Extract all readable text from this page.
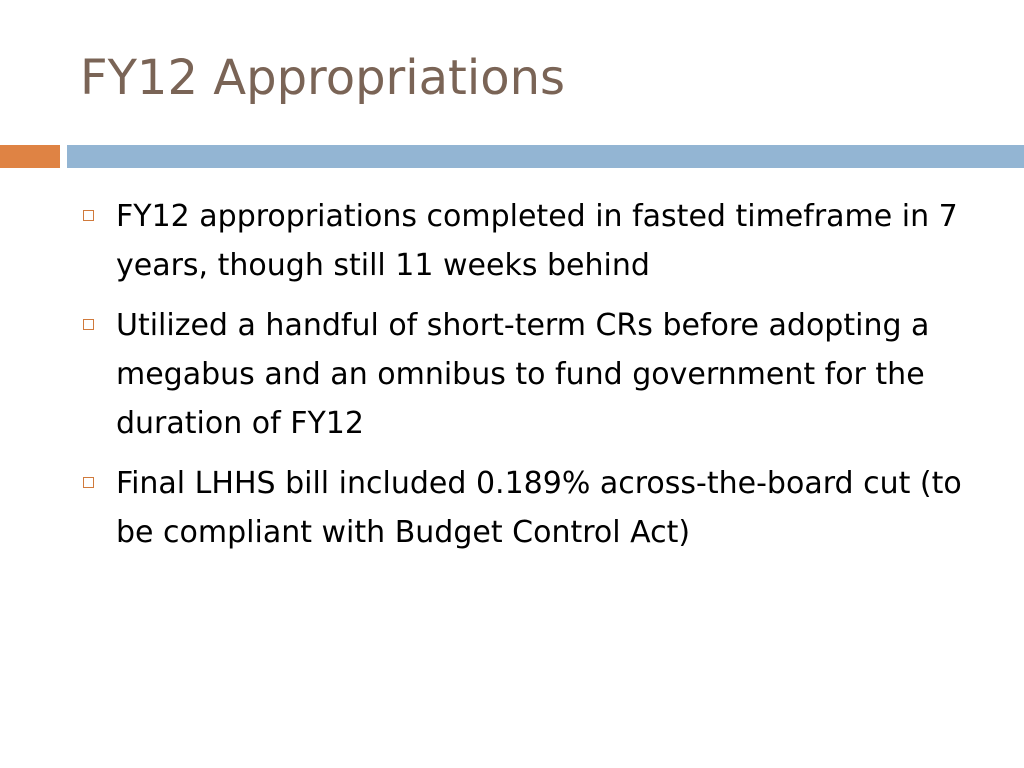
FY12 Appropriations
FY12 appropriations completed in fasted timeframe in 7 years, though still 11 weeks behind
Utilized a handful of short-term CRs before adopting a megabus and an omnibus to fund government for the duration of FY12
Final LHHS bill included 0.189% across-the-board cut (to be compliant with Budget Control Act)
